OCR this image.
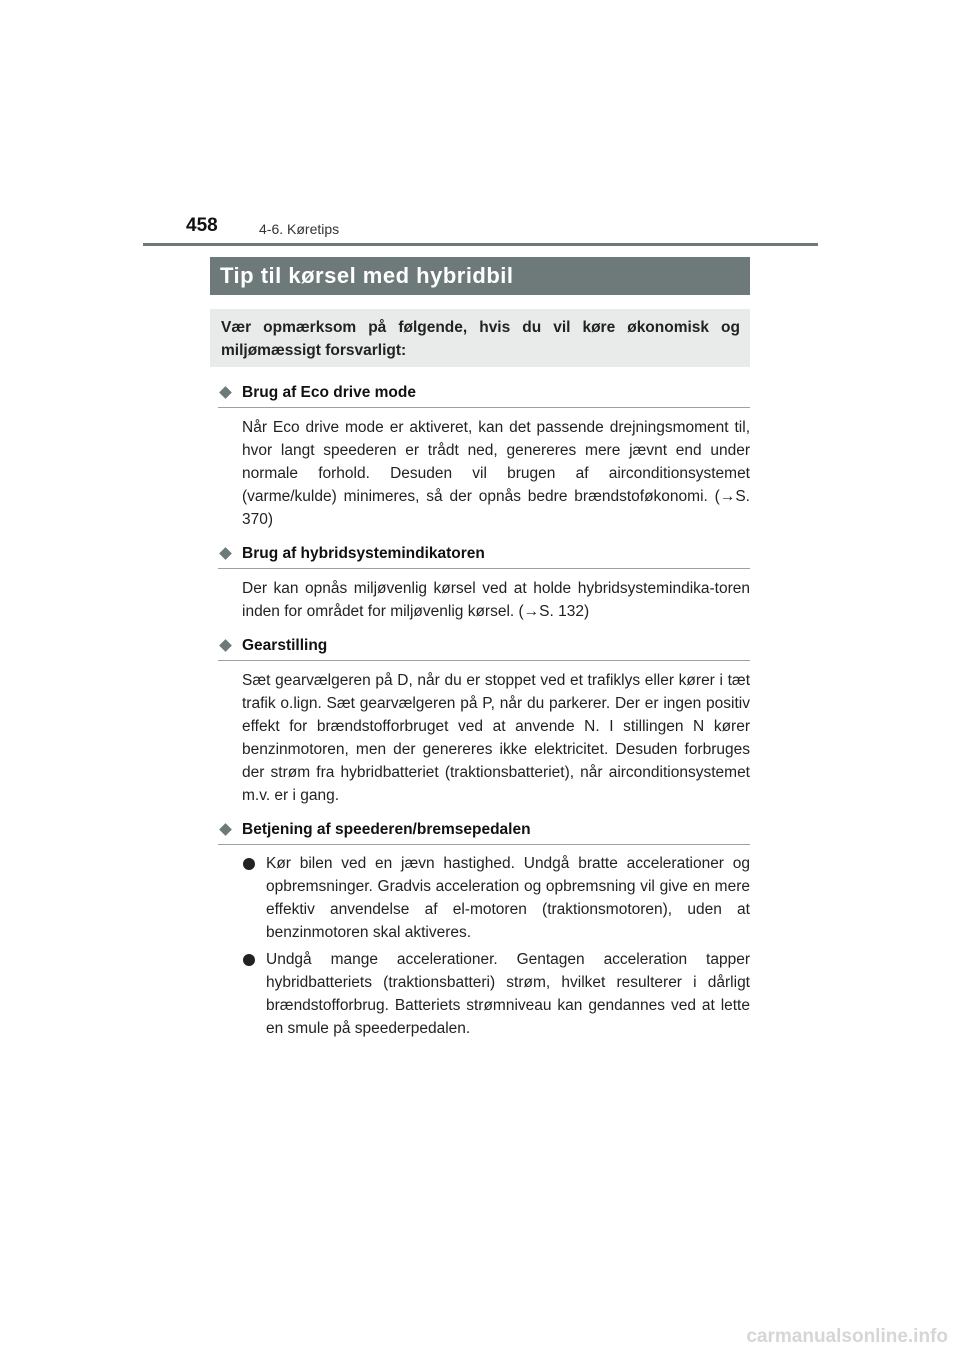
458	4-6. Køretips
Tip til kørsel med hybridbil
Vær opmærksom på følgende, hvis du vil køre økonomisk og miljømæssigt forsvarligt:
Brug af Eco drive mode
Når Eco drive mode er aktiveret, kan det passende drejningsmoment til, hvor langt speederen er trådt ned, genereres mere jævnt end under normale forhold. Desuden vil brugen af airconditionsystemet (varme/kulde) minimeres, så der opnås bedre brændstoføkonomi. (→S. 370)
Brug af hybridsystemindikatoren
Der kan opnås miljøvenlig kørsel ved at holde hybridsystemindika-toren inden for området for miljøvenlig kørsel. (→S. 132)
Gearstilling
Sæt gearvælgeren på D, når du er stoppet ved et trafiklys eller kører i tæt trafik o.lign. Sæt gearvælgeren på P, når du parkerer. Der er ingen positiv effekt for brændstofforbruget ved at anvende N. I stillingen N kører benzinmotoren, men der genereres ikke elektricitet. Desuden forbruges der strøm fra hybridbatteriet (traktionsbatteriet), når airconditionsystemet m.v. er i gang.
Betjening af speederen/bremsepedalen
Kør bilen ved en jævn hastighed. Undgå bratte accelerationer og opbremsninger. Gradvis acceleration og opbremsning vil give en mere effektiv anvendelse af el-motoren (traktionsmotoren), uden at benzinmotoren skal aktiveres.
Undgå mange accelerationer. Gentagen acceleration tapper hybridbatteriets (traktionsbatteri) strøm, hvilket resulterer i dårligt brændstofforbrug. Batteriets strømniveau kan gendannes ved at lette en smule på speederpedalen.
carmanualsonline.info
